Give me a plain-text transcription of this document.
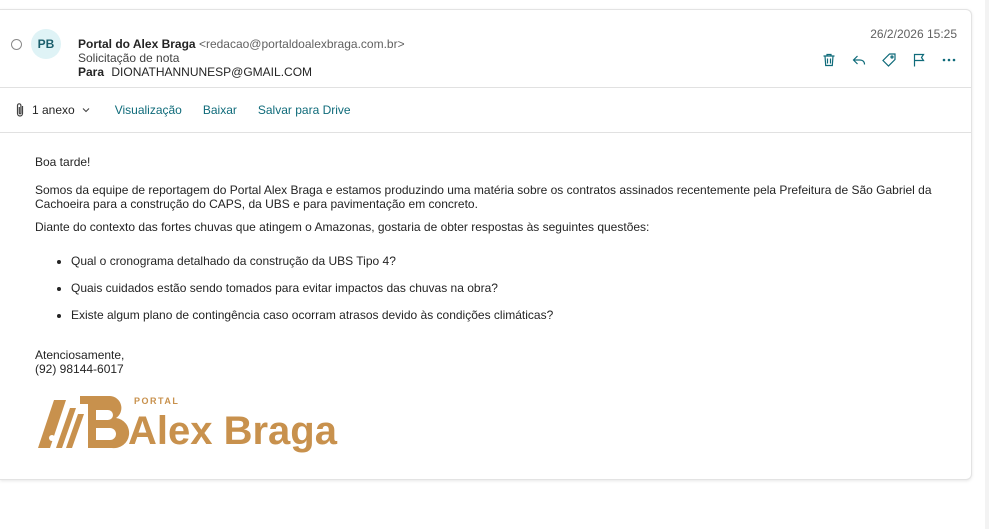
PB	Portal do Alex Braga <redacao@portaldoalexbraga.com.br>
Solicitação de nota
Para DIONATHANNUNESP@GMAIL.COM
26/2/2026 15:25
1 anexo	Visualização Baixar Salvar para Drive

Boa tarde!

Somos da equipe de reportagem do Portal Alex Braga e estamos produzindo uma matéria sobre os contratos assinados recentemente pela Prefeitura de São Gabriel da Cachoeira para a construção do CAPS, da UBS e para pavimentação em concreto.

Diante do contexto das fortes chuvas que atingem o Amazonas, gostaria de obter respostas às seguintes questões:

• Qual o cronograma detalhado da construção da UBS Tipo 4?
• Quais cuidados estão sendo tomados para evitar impactos das chuvas na obra?
• Existe algum plano de contingência caso ocorram atrasos devido às condições climáticas?

Atenciosamente,

(92) 98144-6017

PORTAL
Alex Braga
